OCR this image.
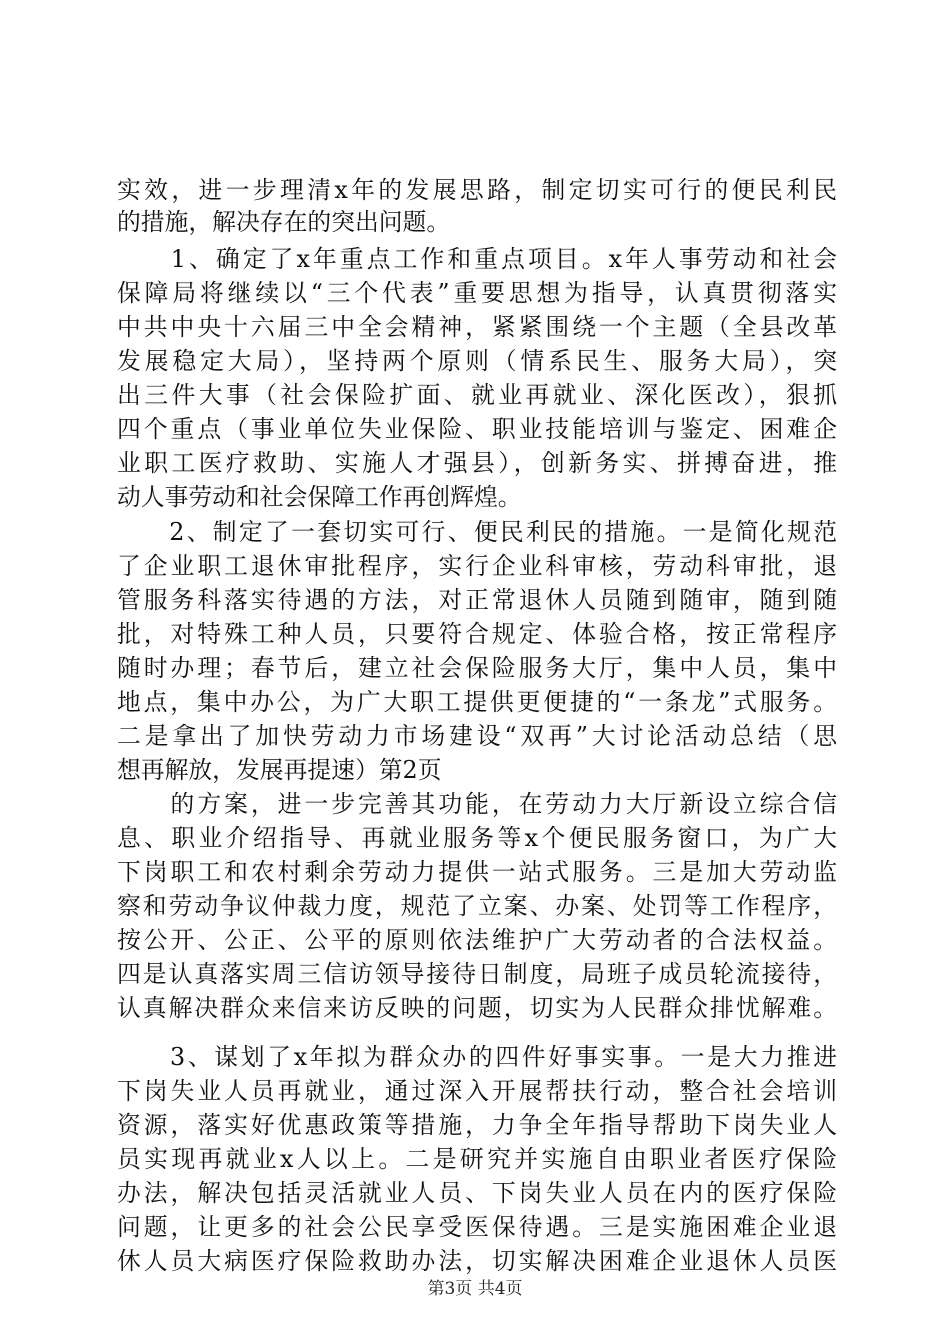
实效，进一步理清x年的发展思路，制定切实可行的便民利民
的措施，解决存在的突出问题。
　　1、确定了x年重点工作和重点项目。x年人事劳动和社会
保障局将继续以“三个代表”重要思想为指导，认真贯彻落实
中共中央十六届三中全会精神，紧紧围绕一个主题（全县改革
发展稳定大局），坚持两个原则（情系民生、服务大局），突
出三件大事（社会保险扩面、就业再就业、深化医改），狠抓
四个重点（事业单位失业保险、职业技能培训与鉴定、困难企
业职工医疗救助、实施人才强县），创新务实、拼搏奋进，推
动人事劳动和社会保障工作再创辉煌。
　　2、制定了一套切实可行、便民利民的措施。一是简化规范
了企业职工退休审批程序，实行企业科审核，劳动科审批，退
管服务科落实待遇的方法，对正常退休人员随到随审，随到随
批，对特殊工种人员，只要符合规定、体验合格，按正常程序
随时办理；春节后，建立社会保险服务大厅，集中人员，集中
地点，集中办公，为广大职工提供更便捷的“一条龙”式服务。
二是拿出了加快劳动力市场建设“双再”大讨论活动总结（思
想再解放，发展再提速）第2页
　　的方案，进一步完善其功能，在劳动力大厅新设立综合信
息、职业介绍指导、再就业服务等x个便民服务窗口，为广大
下岗职工和农村剩余劳动力提供一站式服务。三是加大劳动监
察和劳动争议仲裁力度，规范了立案、办案、处罚等工作程序，
按公开、公正、公平的原则依法维护广大劳动者的合法权益。
四是认真落实周三信访领导接待日制度，局班子成员轮流接待，
认真解决群众来信来访反映的问题，切实为人民群众排忧解难。
　　3、谋划了x年拟为群众办的四件好事实事。一是大力推进
下岗失业人员再就业，通过深入开展帮扶行动，整合社会培训
资源，落实好优惠政策等措施，力争全年指导帮助下岗失业人
员实现再就业x人以上。二是研究并实施自由职业者医疗保险
办法，解决包括灵活就业人员、下岗失业人员在内的医疗保险
问题，让更多的社会公民享受医保待遇。三是实施困难企业退
第3页 共4页
休人员大病医疗保险救助办法，切实解决困难企业退休人员医
